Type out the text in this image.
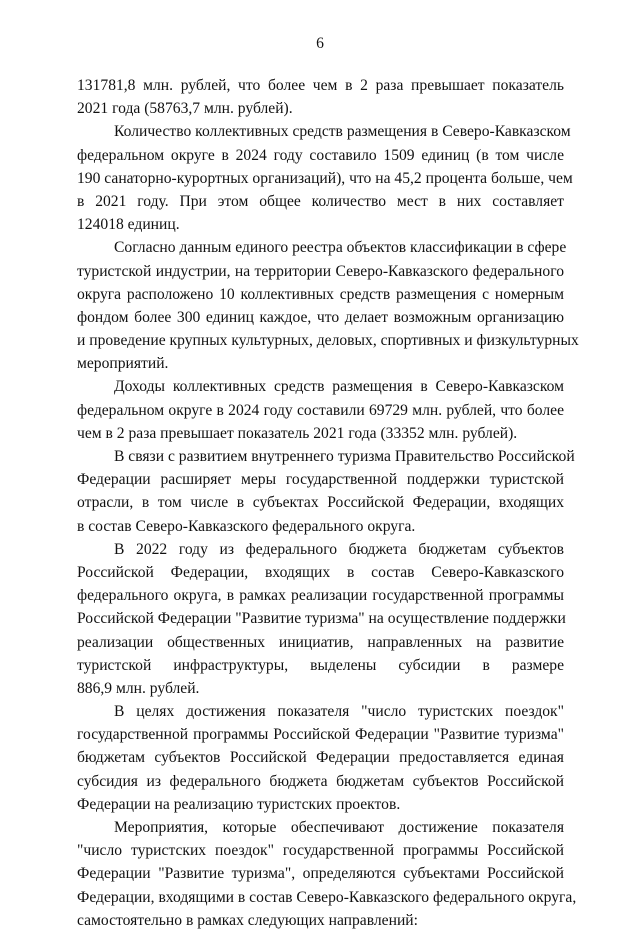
6
131781,8 млн. рублей, что более чем в 2 раза превышает показатель
2021 года (58763,7 млн. рублей).
Количество коллективных средств размещения в Северо-Кавказском
федеральном округе в 2024 году составило 1509 единиц (в том числе
190 санаторно-курортных организаций), что на 45,2 процента больше, чем
в 2021 году. При этом общее количество мест в них составляет
124018 единиц.
Согласно данным единого реестра объектов классификации в сфере
туристской индустрии, на территории Северо-Кавказского федерального
округа расположено 10 коллективных средств размещения с номерным
фондом более 300 единиц каждое, что делает возможным организацию
и проведение крупных культурных, деловых, спортивных и физкультурных
мероприятий.
Доходы коллективных средств размещения в Северо-Кавказском
федеральном округе в 2024 году составили 69729 млн. рублей, что более
чем в 2 раза превышает показатель 2021 года (33352 млн. рублей).
В связи с развитием внутреннего туризма Правительство Российской
Федерации расширяет меры государственной поддержки туристской
отрасли, в том числе в субъектах Российской Федерации, входящих
в состав Северо-Кавказского федерального округа.
В 2022 году из федерального бюджета бюджетам субъектов
Российской Федерации, входящих в состав Северо-Кавказского
федерального округа, в рамках реализации государственной программы
Российской Федерации "Развитие туризма" на осуществление поддержки
реализации общественных инициатив, направленных на развитие
туристской инфраструктуры, выделены субсидии в размере
886,9 млн. рублей.
В целях достижения показателя "число туристских поездок"
государственной программы Российской Федерации "Развитие туризма"
бюджетам субъектов Российской Федерации предоставляется единая
субсидия из федерального бюджета бюджетам субъектов Российской
Федерации на реализацию туристских проектов.
Мероприятия, которые обеспечивают достижение показателя
"число туристских поездок" государственной программы Российской
Федерации "Развитие туризма", определяются субъектами Российской
Федерации, входящими в состав Северо-Кавказского федерального округа,
самостоятельно в рамках следующих направлений:
